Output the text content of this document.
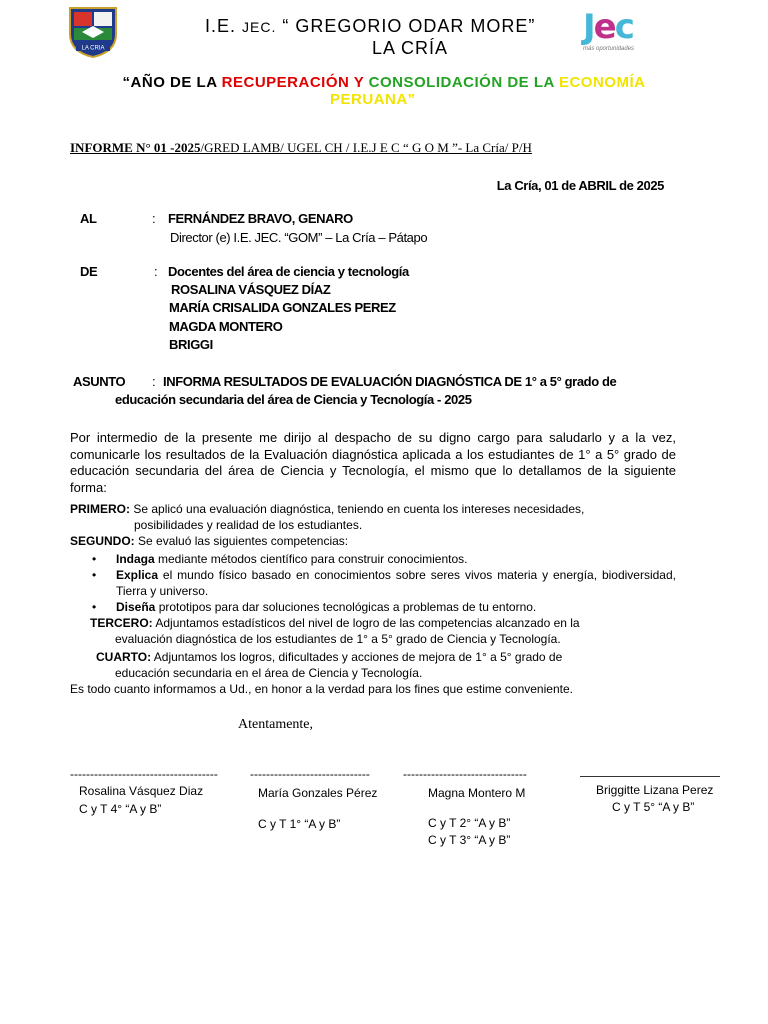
LA CRIA
Jec
más oportunidades
I.E. JEC. “ GREGORIO ODAR MORE”
LA CRÍA
“AÑO DE LA RECUPERACIÓN Y CONSOLIDACIÓN DE LA ECONOMÍA
PERUANA”
INFORME N° 01 -2025/GRED LAMB/ UGEL CH / I.E.J E C “ G O M ”- La Cría/ P/H
La Cría, 01 de ABRIL de 2025
AL	: FERNÁNDEZ BRAVO, GENARO
Director (e) I.E. JEC. “GOM” – La Cría – Pátapo
DE	: Docentes del área de ciencia y tecnología
ROSALINA VÁSQUEZ DÍAZ
MARÍA CRISALIDA GONZALES PEREZ
MAGDA MONTERO
BRIGGI
ASUNTO : INFORMA RESULTADOS DE EVALUACIÓN DIAGNÓSTICA DE 1° a 5° grado de
educación secundaria del área de Ciencia y Tecnología - 2025
Por intermedio de la presente me dirijo al despacho de su digno cargo para saludarlo y a la vez, comunicarle los resultados de la Evaluación diagnóstica aplicada a los estudiantes de 1° a 5° grado de educación secundaria del área de Ciencia y Tecnología, el mismo que lo detallamos de la siguiente forma:
PRIMERO: Se aplicó una evaluación diagnóstica, teniendo en cuenta los intereses necesidades,
posibilidades y realidad de los estudiantes.
SEGUNDO: Se evaluó las siguientes competencias:
•	Indaga mediante métodos científico para construir conocimientos.
•	Explica el mundo físico basado en conocimientos sobre seres vivos materia y energía, biodiversidad, Tierra y universo.
•	Diseña prototipos para dar soluciones tecnológicas a problemas de tu entorno.
TERCERO: Adjuntamos estadísticos del nivel de logro de las competencias alcanzado en la
evaluación diagnóstica de los estudiantes de 1° a 5° grado de Ciencia y Tecnología.
CUARTO: Adjuntamos los logros, dificultades y acciones de mejora de 1° a 5° grado de
educación secundaria en el área de Ciencia y Tecnología.
Es todo cuanto informamos a Ud., en honor a la verdad para los fines que estime conveniente.
Atentamente,
-------------------------------------
Rosalina Vásquez Diaz
C y T 4° “A y B”
------------------------------
María Gonzales Pérez
C y T 1° “A y B”
-------------------------------
Magna Montero M
C y T 2° “A y B”
C y T 3° “A y B”
Briggitte Lizana Perez
C y T 5° “A y B”
